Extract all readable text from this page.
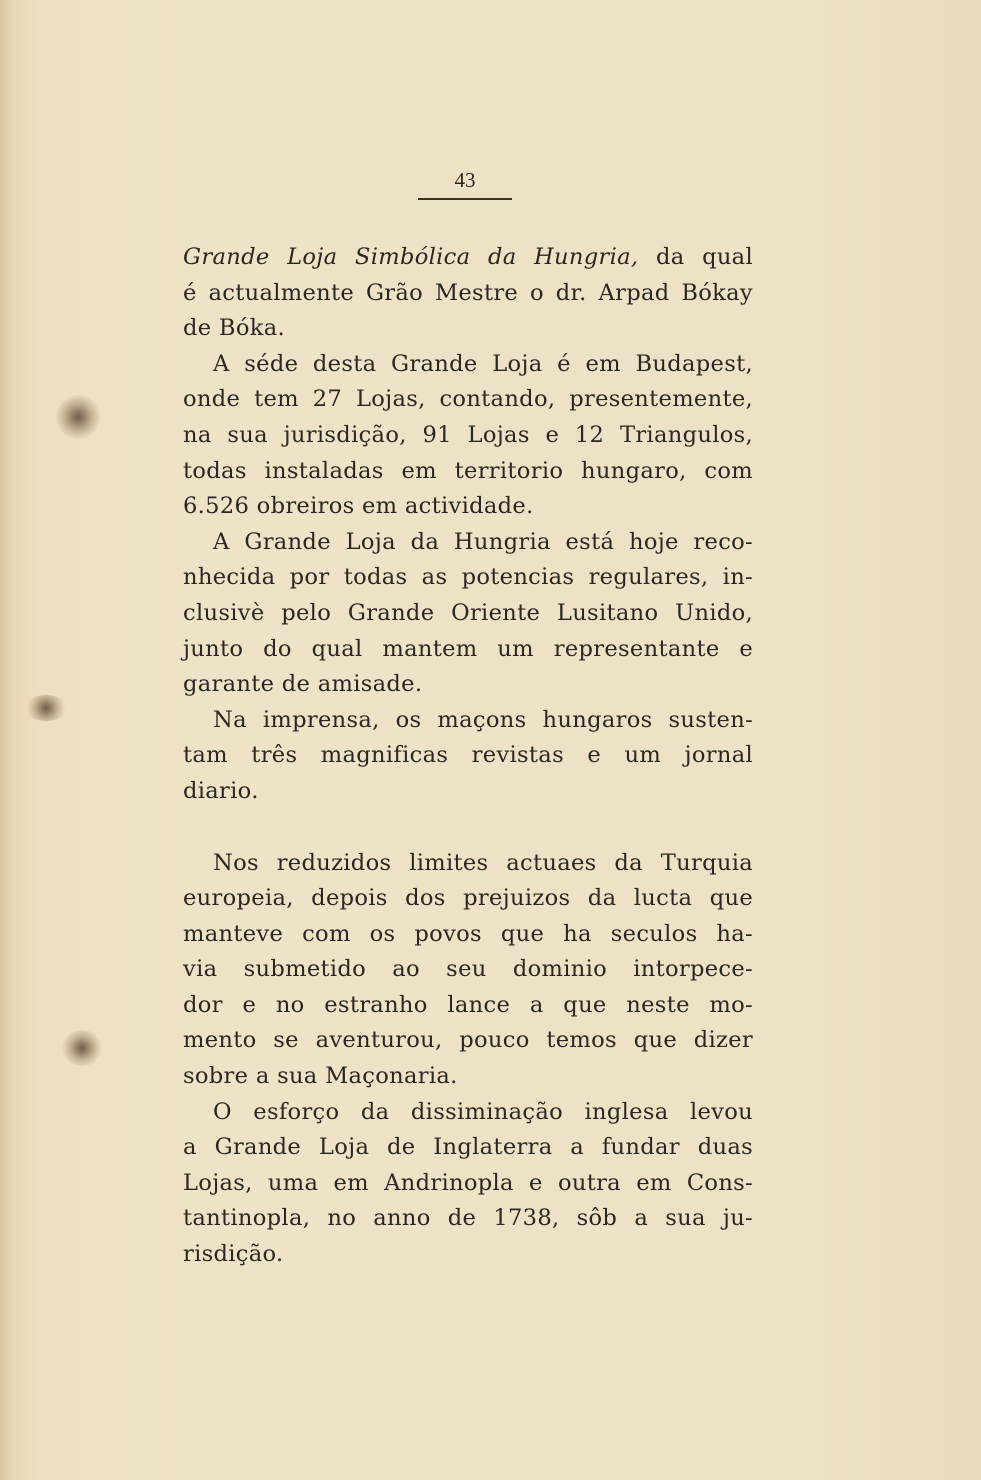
43
Grande Loja Simbólica da Hungria, da qual
é actualmente Grão Mestre o dr. Arpad Bókay
de Bóka.
A séde desta Grande Loja é em Budapest,
onde tem 27 Lojas, contando, presentemente,
na sua jurisdição, 91 Lojas e 12 Triangulos,
todas instaladas em territorio hungaro, com
6.526 obreiros em actividade.
A Grande Loja da Hungria está hoje reco-
nhecida por todas as potencias regulares, in-
clusivè pelo Grande Oriente Lusitano Unido,
junto do qual mantem um representante e
garante de amisade.
Na imprensa, os maçons hungaros susten-
tam três magnificas revistas e um jornal
diario.
Nos reduzidos limites actuaes da Turquia
europeia, depois dos prejuizos da lucta que
manteve com os povos que ha seculos ha-
via submetido ao seu dominio intorpece-
dor e no estranho lance a que neste mo-
mento se aventurou, pouco temos que dizer
sobre a sua Maçonaria.
O esforço da dissiminação inglesa levou
a Grande Loja de Inglaterra a fundar duas
Lojas, uma em Andrinopla e outra em Cons-
tantinopla, no anno de 1738, sôb a sua ju-
risdição.
